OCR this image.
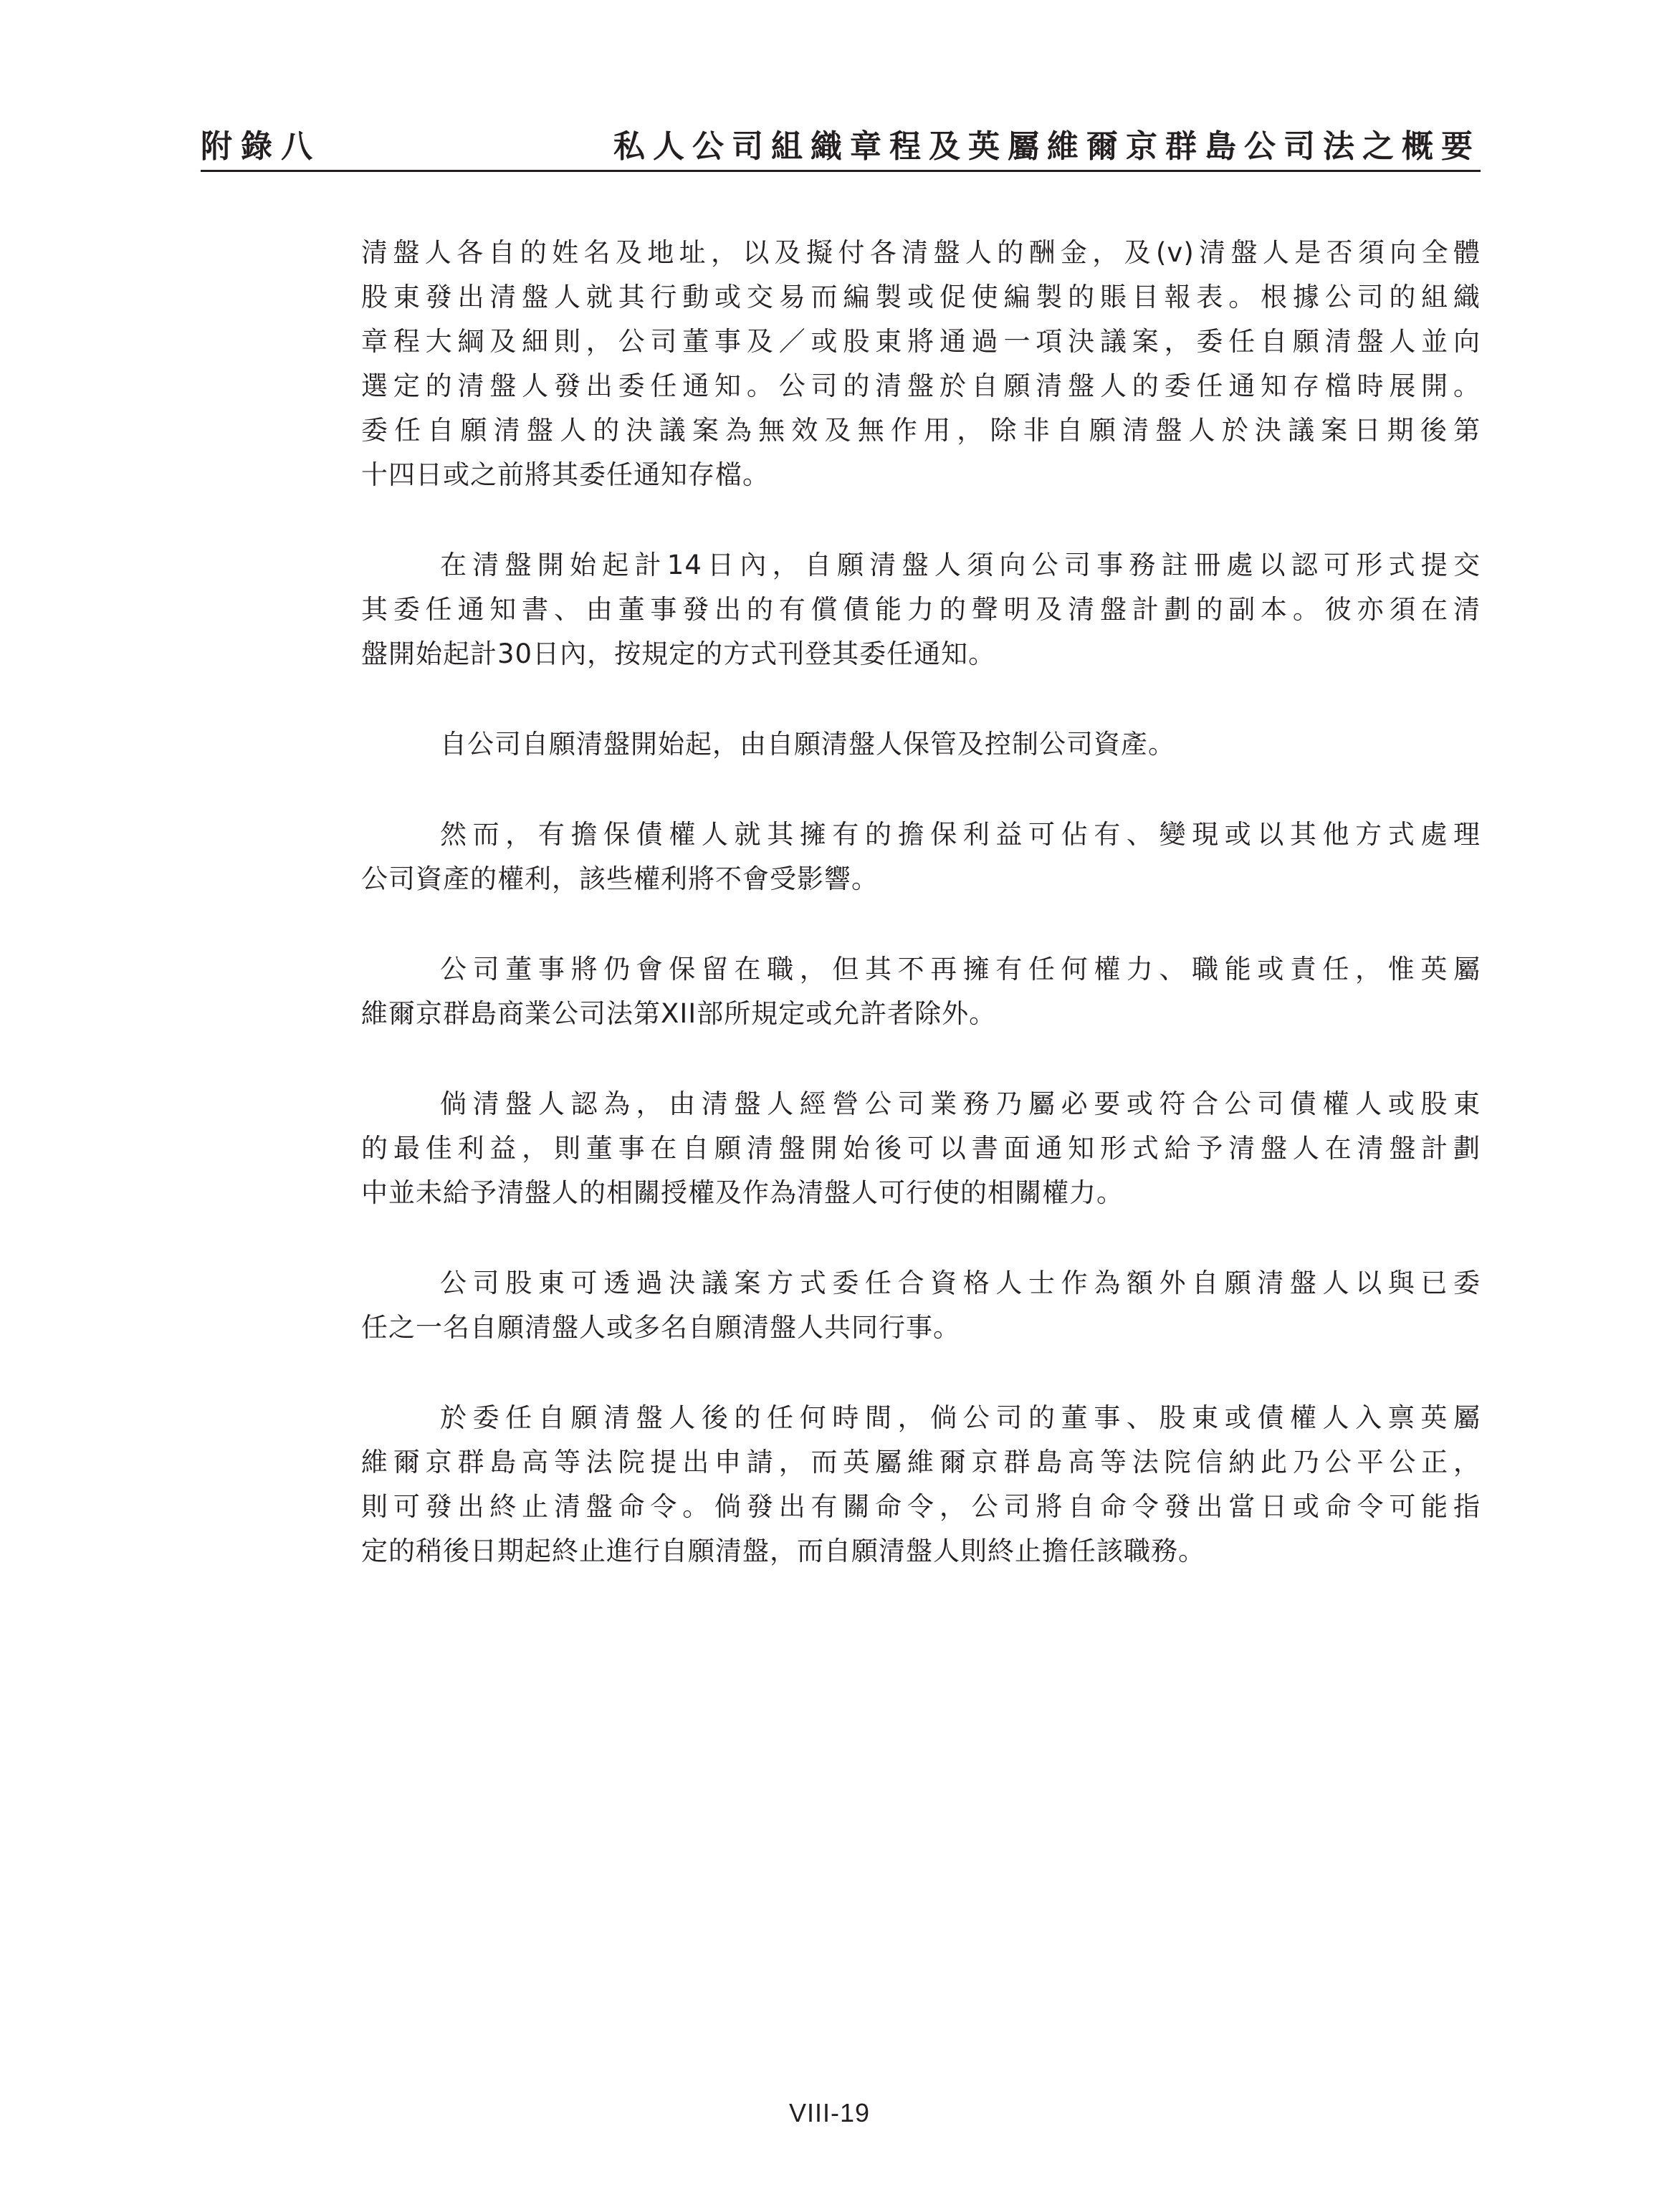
附錄八	私人公司組織章程及英屬維爾京群島公司法之概要
清盤人各自的姓名及地址，以及擬付各清盤人的酬金，及(v)清盤人是否須向全體
股東發出清盤人就其行動或交易而編製或促使編製的賬目報表。根據公司的組織
章程大綱及細則，公司董事及／或股東將通過一項決議案，委任自願清盤人並向
選定的清盤人發出委任通知。公司的清盤於自願清盤人的委任通知存檔時展開。
委任自願清盤人的決議案為無效及無作用，除非自願清盤人於決議案日期後第
十四日或之前將其委任通知存檔。
在清盤開始起計14日內，自願清盤人須向公司事務註冊處以認可形式提交
其委任通知書、由董事發出的有償債能力的聲明及清盤計劃的副本。彼亦須在清
盤開始起計30日內，按規定的方式刊登其委任通知。
自公司自願清盤開始起，由自願清盤人保管及控制公司資產。
然而，有擔保債權人就其擁有的擔保利益可佔有、變現或以其他方式處理
公司資產的權利，該些權利將不會受影響。
公司董事將仍會保留在職，但其不再擁有任何權力、職能或責任，惟英屬
維爾京群島商業公司法第XII部所規定或允許者除外。
倘清盤人認為，由清盤人經營公司業務乃屬必要或符合公司債權人或股東
的最佳利益，則董事在自願清盤開始後可以書面通知形式給予清盤人在清盤計劃
中並未給予清盤人的相關授權及作為清盤人可行使的相關權力。
公司股東可透過決議案方式委任合資格人士作為額外自願清盤人以與已委
任之一名自願清盤人或多名自願清盤人共同行事。
於委任自願清盤人後的任何時間，倘公司的董事、股東或債權人入禀英屬
維爾京群島高等法院提出申請，而英屬維爾京群島高等法院信納此乃公平公正，
則可發出終止清盤命令。倘發出有關命令，公司將自命令發出當日或命令可能指
定的稍後日期起終止進行自願清盤，而自願清盤人則終止擔任該職務。
VIII-19
